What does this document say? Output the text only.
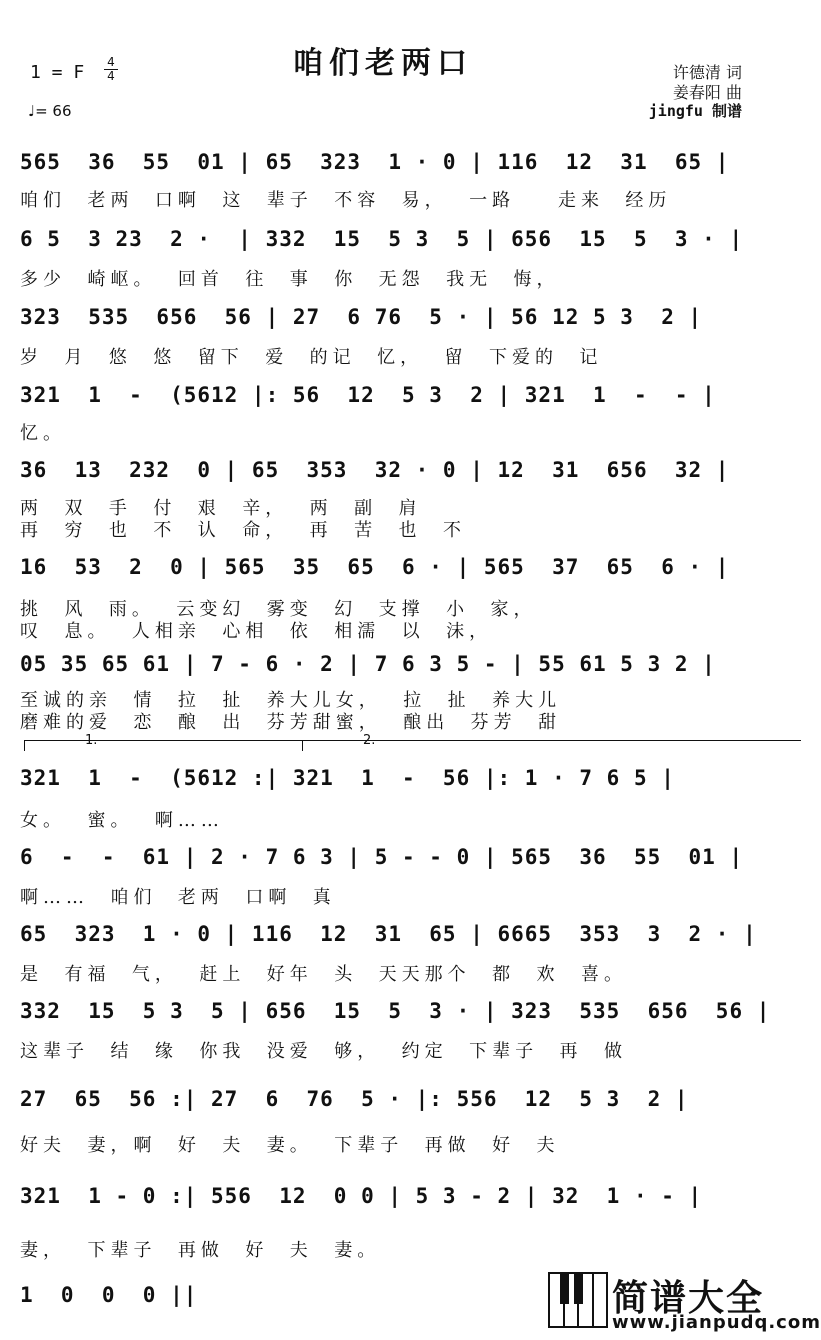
咱们老两口
1 = F 4
4
♩= 66
许德清 词
姜春阳 曲
jingfu 制谱
565  36  55  01 | 65  323  1 · 0 | 116  12  31  65 |
咱们  老两  口啊  这  辈子  不容  易，  一路    走来  经历
6 5  3 23  2 ·  | 332  15  5 3  5 | 656  15  5  3 · |
多少  崎岖。  回首  往  事  你  无怨  我无  悔，
323  535  656  56 | 27  6 76  5 · | 56 12 5 3  2 |
岁  月  悠  悠  留下  爱  的记  忆，  留  下爱的  记
321  1  -  (5612 |: 56  12  5 3  2 | 321  1  -  - |
忆。
36  13  232  0 | 65  353  32 · 0 | 12  31  656  32 |
两  双  手  付  艰  辛，  两  副  肩
再  穷  也  不  认  命，  再  苦  也  不
16  53  2  0 | 565  35  65  6 · | 565  37  65  6 · |
挑  风  雨。  云变幻  雾变  幻  支撑  小  家，
叹  息。  人相亲  心相  依  相濡  以  沫，
05 35 65 61 | 7 - 6 · 2 | 7 6 3 5 - | 55 61 5 3 2 |
至诚的亲  情  拉  扯  养大儿女，  拉  扯  养大儿
磨难的爱  恋  酿  出  芬芳甜蜜，  酿出  芬芳  甜
1.	2.
321  1  -  (5612 :| 321  1  -  56 |: 1 · 7 6 5 |
女。  蜜。  啊……
6  -  -  61 | 2 · 7 6 3 | 5 - - 0 | 565  36  55  01 |
啊……  咱们  老两  口啊  真
65  323  1 · 0 | 116  12  31  65 | 6665  353  3  2 · |
是  有福  气，  赶上  好年  头  天天那个  都  欢  喜。
332  15  5 3  5 | 656  15  5  3 · | 323  535  656  56 |
这辈子  结  缘  你我  没爱  够，  约定  下辈子  再  做
27  65  56 :| 27  6  76  5 · |: 556  12  5 3  2 |
好夫  妻，啊  好  夫  妻。  下辈子  再做  好  夫
321  1 - 0 :| 556  12  0 0 | 5 3 - 2 | 32  1 · - |
妻，  下辈子  再做  好  夫  妻。
1  0  0  0 ||	简谱大全
www.jianpudq.com
